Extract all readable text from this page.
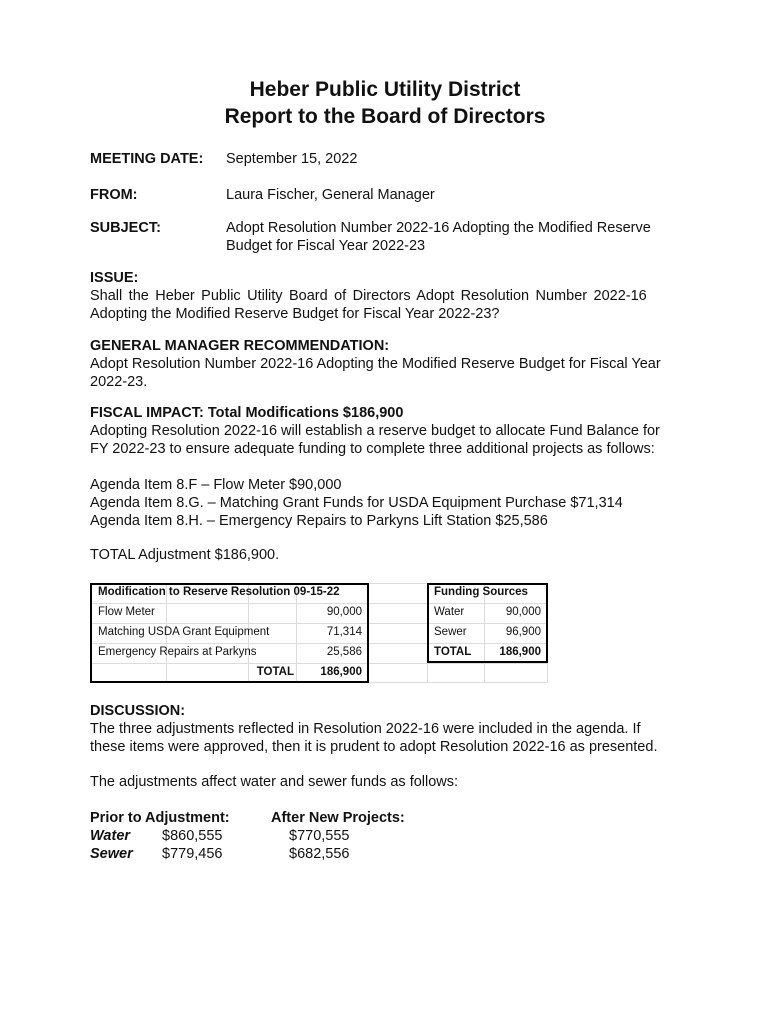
Heber Public Utility District
Report to the Board of Directors
MEETING DATE: September 15, 2022
FROM:	Laura Fischer, General Manager
SUBJECT:	Adopt Resolution Number 2022-16 Adopting the Modified Reserve
Budget for Fiscal Year 2022-23
ISSUE:
Shall the Heber Public Utility Board of Directors Adopt Resolution Number 2022-16
Adopting the Modified Reserve Budget for Fiscal Year 2022-23?
GENERAL MANAGER RECOMMENDATION:
Adopt Resolution Number 2022-16 Adopting the Modified Reserve Budget for Fiscal Year
2022-23.
FISCAL IMPACT: Total Modifications $186,900
Adopting Resolution 2022-16 will establish a reserve budget to allocate Fund Balance for
FY 2022-23 to ensure adequate funding to complete three additional projects as follows:
Agenda Item 8.F – Flow Meter $90,000
Agenda Item 8.G. – Matching Grant Funds for USDA Equipment Purchase $71,314
Agenda Item 8.H. – Emergency Repairs to Parkyns Lift Station $25,586
TOTAL Adjustment $186,900.
Modification to Reserve Resolution 09-15-22
Flow Meter	90,000
Matching USDA Grant Equipment	71,314
Emergency Repairs at Parkyns	25,586
TOTAL	186,900
Funding Sources
Water	90,000
Sewer	96,900
TOTAL	186,900
DISCUSSION:
The three adjustments reflected in Resolution 2022-16 were included in the agenda. If
these items were approved, then it is prudent to adopt Resolution 2022-16 as presented.
The adjustments affect water and sewer funds as follows:
Prior to Adjustment:	After New Projects:
Water $860,555	$770,555
Sewer $779,456	$682,556
